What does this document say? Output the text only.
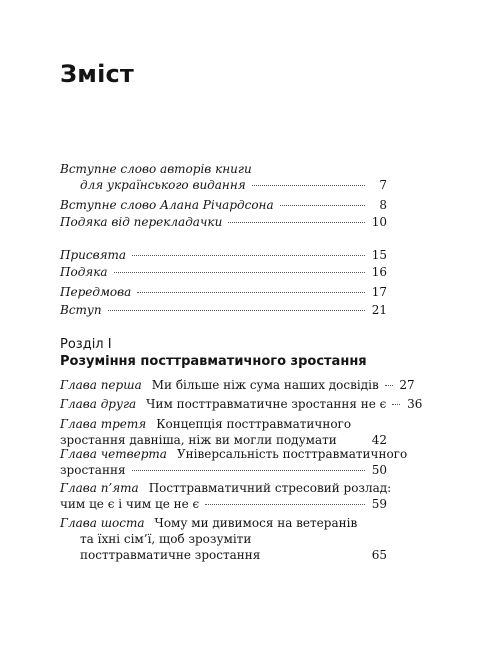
Зміст
Вступне слово авторів книги
для українського видання	7
Вступне слово Алана Річардсона	8
Подяка від перекладачки	10
Присвята	15
Подяка	16
Передмова	17
Вступ	21
Розділ I
Розуміння посттравматичного зростання
Глава перша Ми більше ніж сума наших досвідів 27
Глава друга Чим посттравматичне зростання не є 36
Глава третя Концепція посттравматичного
зростання давніша, ніж ви могли подумати	42
Глава четверта Універсальність посттравматичного
зростання	50
Глава п’ята Посттравматичний стресовий розлад:
чим це є і чим це не є	59
Глава шоста Чому ми дивимося на ветеранів
та їхні сім’ї, щоб зрозуміти
посттравматичне зростання	65
